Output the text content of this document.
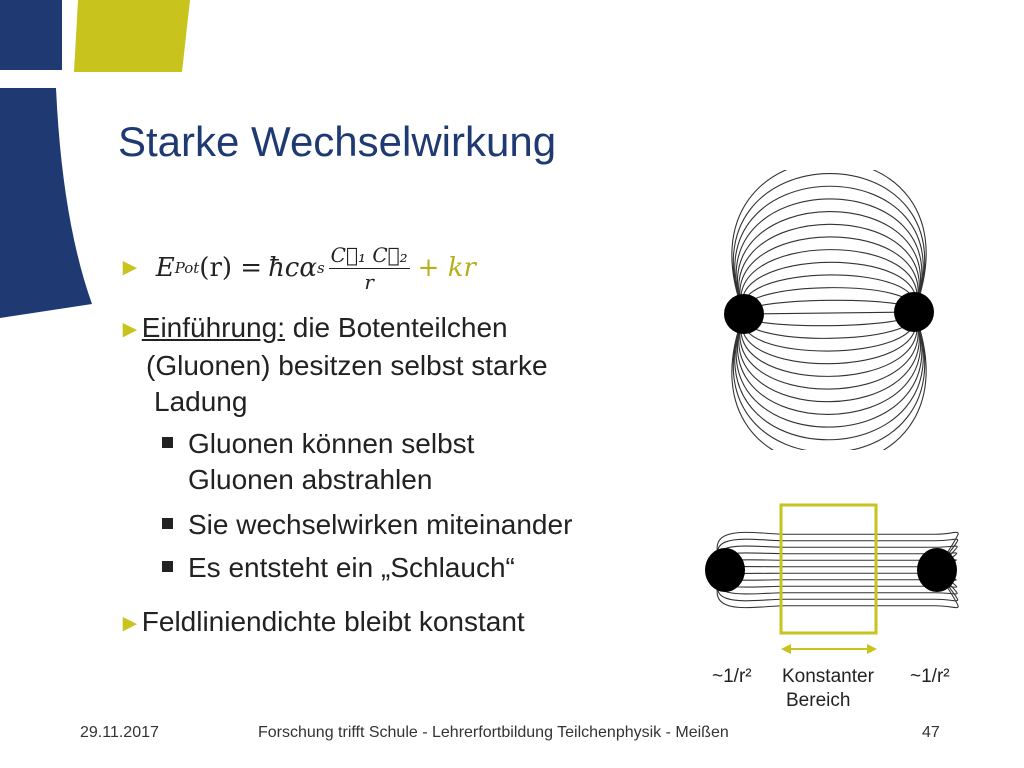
Starke Wechselwirkung
► E Pot (r) = ħcα s $\frac{\text{C⃗₁ C⃗₂}}{r}$ + kr
►Einführung: die Botenteilchen
(Gluonen) besitzen selbst starke
Ladung
Gluonen können selbst
Gluonen abstrahlen
Sie wechselwirken miteinander
Es entsteht ein „Schlauch“
►Feldliniendichte bleibt konstant
~1/r² Konstanter
Bereich
~1/r²
29.11.2017	Forschung trifft Schule - Lehrerfortbildung Teilchenphysik - Meißen	47
